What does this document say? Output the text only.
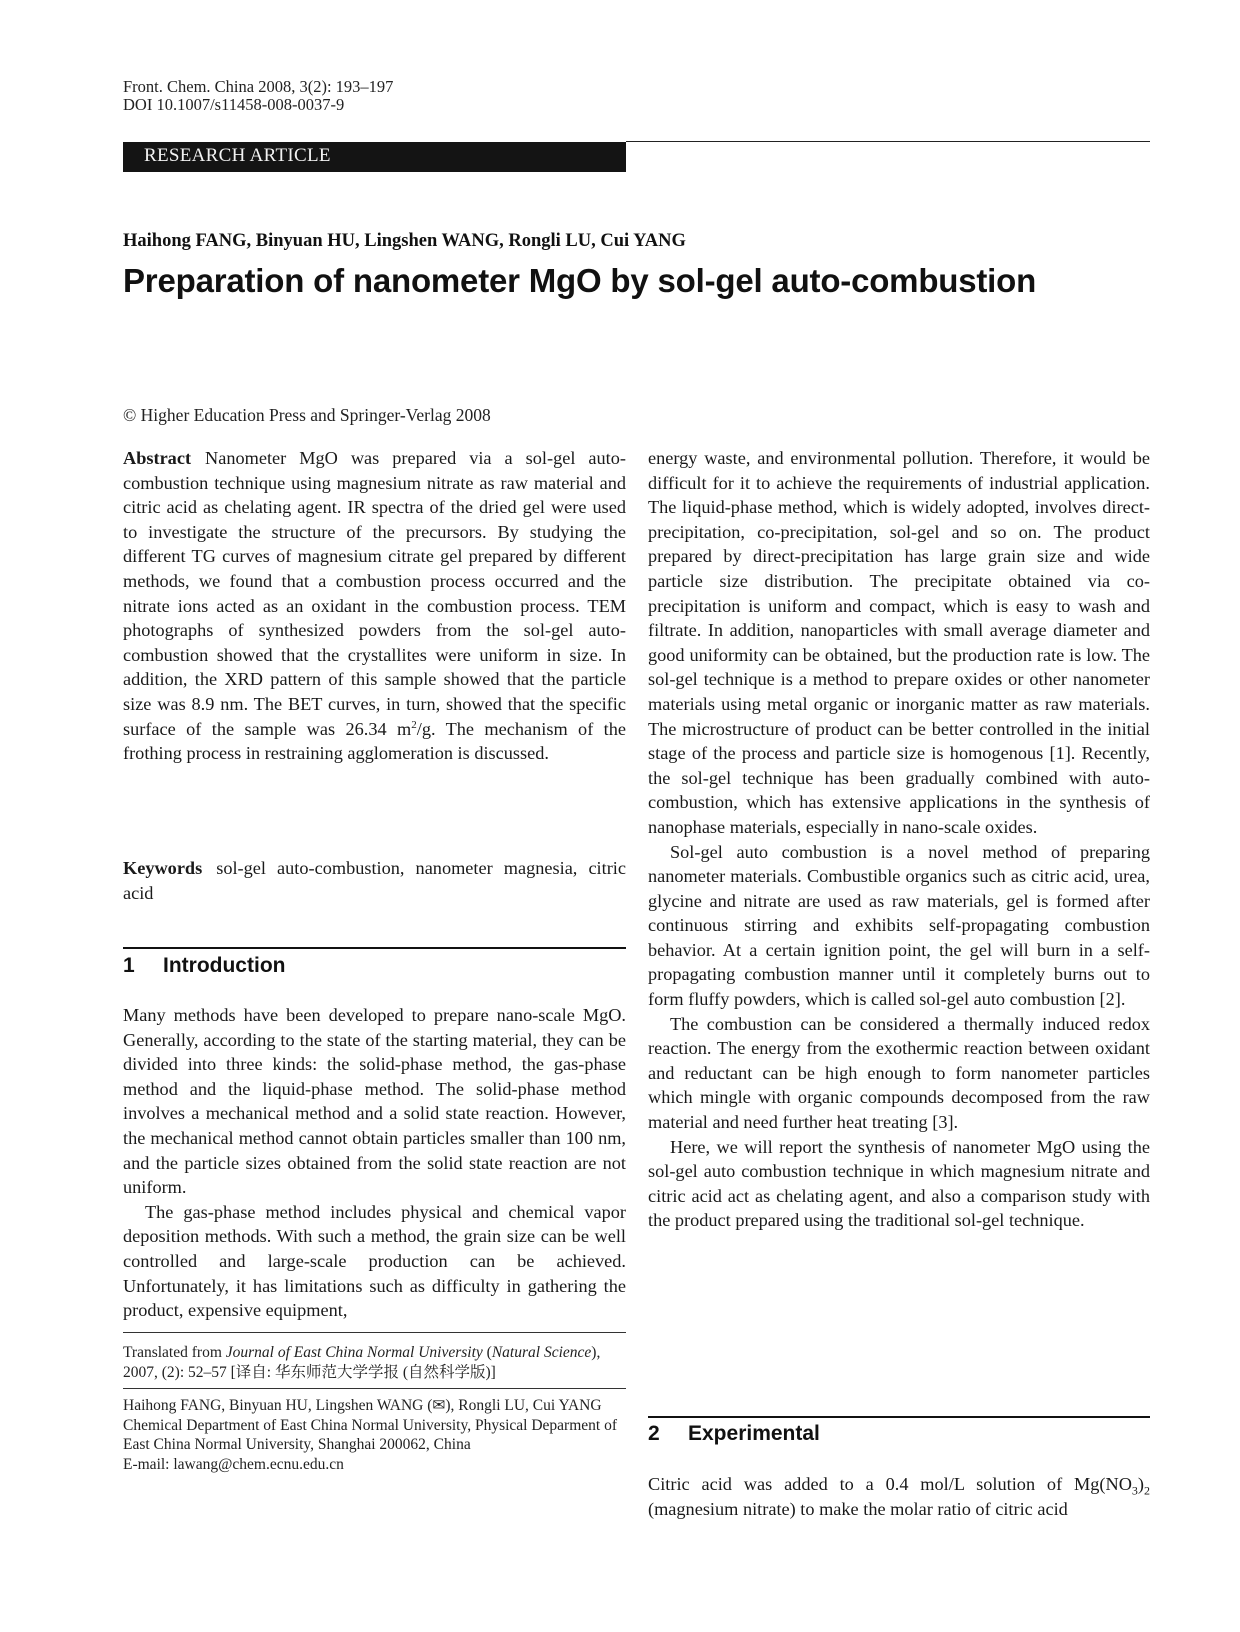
Front. Chem. China 2008, 3(2): 193–197
DOI 10.1007/s11458-008-0037-9
RESEARCH ARTICLE
Haihong FANG, Binyuan HU, Lingshen WANG, Rongli LU, Cui YANG
Preparation of nanometer MgO by sol-gel auto-combustion
© Higher Education Press and Springer-Verlag 2008

Abstract Nanometer MgO was prepared via a sol-gel auto-combustion technique using magnesium nitrate as raw material and citric acid as chelating agent. IR spectra of the dried gel were used to investigate the structure of the precursors. By studying the different TG curves of magnesium citrate gel prepared by different methods, we found that a combustion process occurred and the nitrate ions acted as an oxidant in the combustion process. TEM photographs of synthesized powders from the sol-gel auto-combustion showed that the crystallites were uniform in size. In addition, the XRD pattern of this sample showed that the particle size was 8.9 nm. The BET curves, in turn, showed that the specific surface of the sample was 26.34 $m^2/g$. The mechanism of the frothing process in restraining agglomeration is discussed.

Keywords sol-gel auto-combustion, nanometer magnesia, citric acid

1 Introduction

Many methods have been developed to prepare nano-scale MgO. Generally, according to the state of the starting material, they can be divided into three kinds: the solid-phase method, the gas-phase method and the liquid-phase method. The solid-phase method involves a mechanical method and a solid state reaction. However, the mechanical method cannot obtain particles smaller than 100 nm, and the particle sizes obtained from the solid state reaction are not uniform.

The gas-phase method includes physical and chemical vapor deposition methods. With such a method, the grain size can be well controlled and large-scale production can be achieved. Unfortunately, it has limitations such as difficulty in gathering the product, expensive equipment,

Translated from Journal of East China Normal University (Natural Science), 2007, (2): 52–57 [译自: 华东师范大学学报 (自然科学版)]

Haihong FANG, Binyuan HU, Lingshen WANG (✉), Rongli LU, Cui YANG

Chemical Department of East China Normal University, Physical Deparment of East China Normal University, Shanghai 200062, China

E-mail: lawang@chem.ecnu.edu.cn

energy waste, and environmental pollution. Therefore, it would be difficult for it to achieve the requirements of industrial application. The liquid-phase method, which is widely adopted, involves direct-precipitation, co-precipitation, sol-gel and so on. The product prepared by direct-precipitation has large grain size and wide particle size distribution. The precipitate obtained via co-precipitation is uniform and compact, which is easy to wash and filtrate. In addition, nanoparticles with small average diameter and good uniformity can be obtained, but the production rate is low. The sol-gel technique is a method to prepare oxides or other nanometer materials using metal organic or inorganic matter as raw materials. The microstructure of product can be better controlled in the initial stage of the process and particle size is homogenous [1]. Recently, the sol-gel technique has been gradually combined with auto-combustion, which has extensive applications in the synthesis of nanophase materials, especially in nano-scale oxides.

Sol-gel auto combustion is a novel method of preparing nanometer materials. Combustible organics such as citric acid, urea, glycine and nitrate are used as raw materials, gel is formed after continuous stirring and exhibits self-propagating combustion behavior. At a certain ignition point, the gel will burn in a self-propagating combustion manner until it completely burns out to form fluffy powders, which is called sol-gel auto combustion [2].

The combustion can be considered a thermally induced redox reaction. The energy from the exothermic reaction between oxidant and reductant can be high enough to form nanometer particles which mingle with organic compounds decomposed from the raw material and need further heat treating [3].

Here, we will report the synthesis of nanometer MgO using the sol-gel auto combustion technique in which magnesium nitrate and citric acid act as chelating agent, and also a comparison study with the product prepared using the traditional sol-gel technique.

2 Experimental

Citric acid was added to a 0.4 mol/L solution of $Mg(NO_3)_2$ (magnesium nitrate) to make the molar ratio of citric acid
